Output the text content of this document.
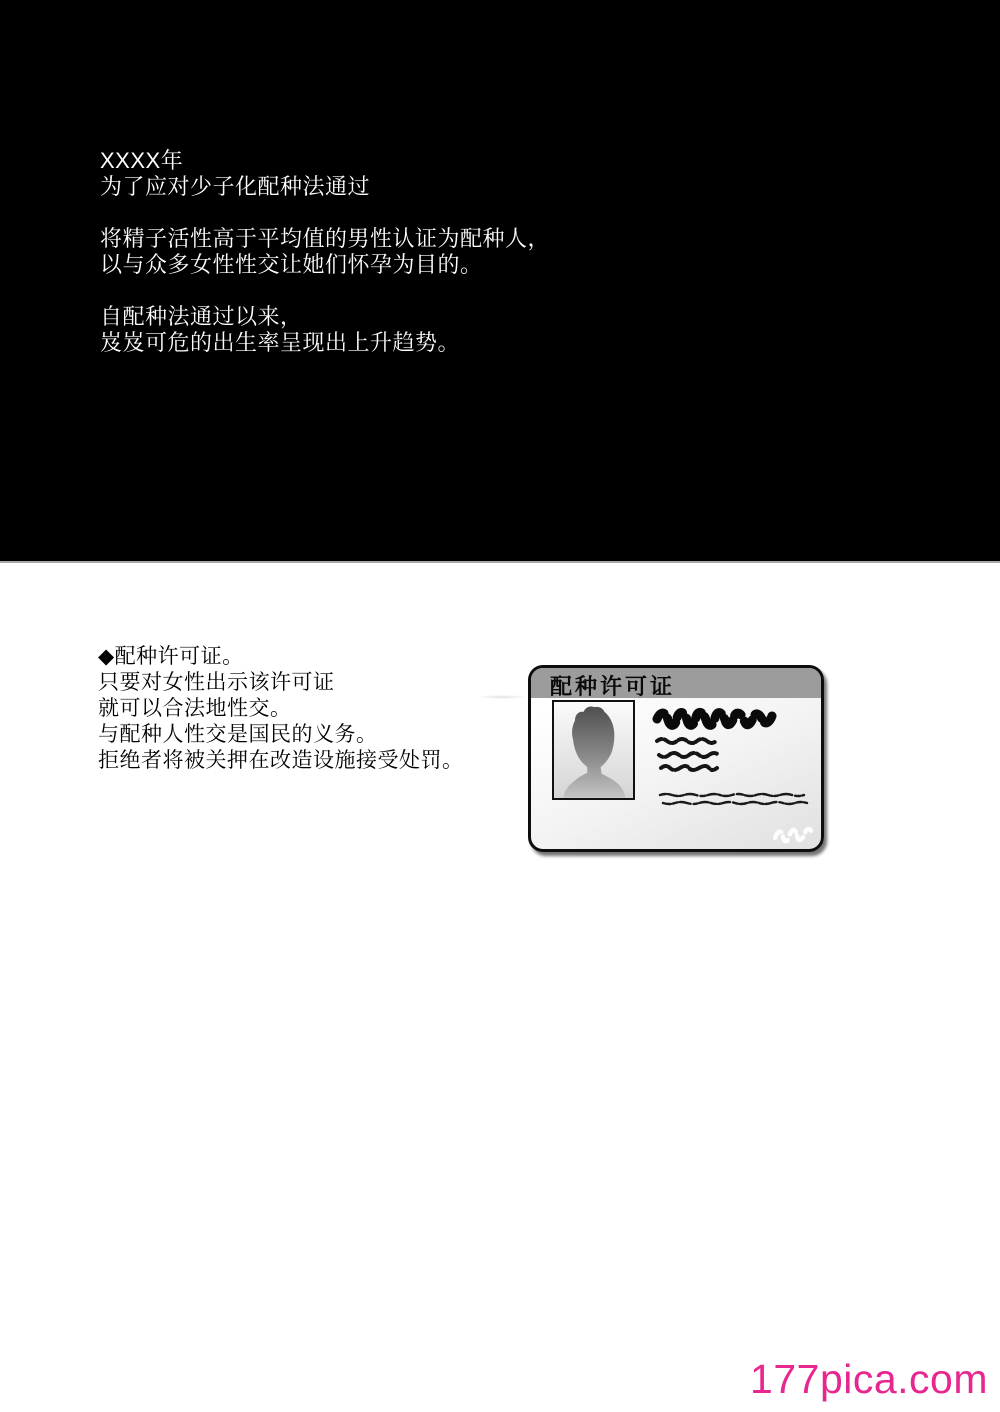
XXXX年
为了应对少子化配种法通过
将精子活性高于平均值的男性认证为配种人，
以与众多女性性交让她们怀孕为目的。
自配种法通过以来，
岌岌可危的出生率呈现出上升趋势。
◆配种许可证。
只要对女性出示该许可证
就可以合法地性交。
与配种人性交是国民的义务。
拒绝者将被关押在改造设施接受处罚。
配种许可证
177pica.com
